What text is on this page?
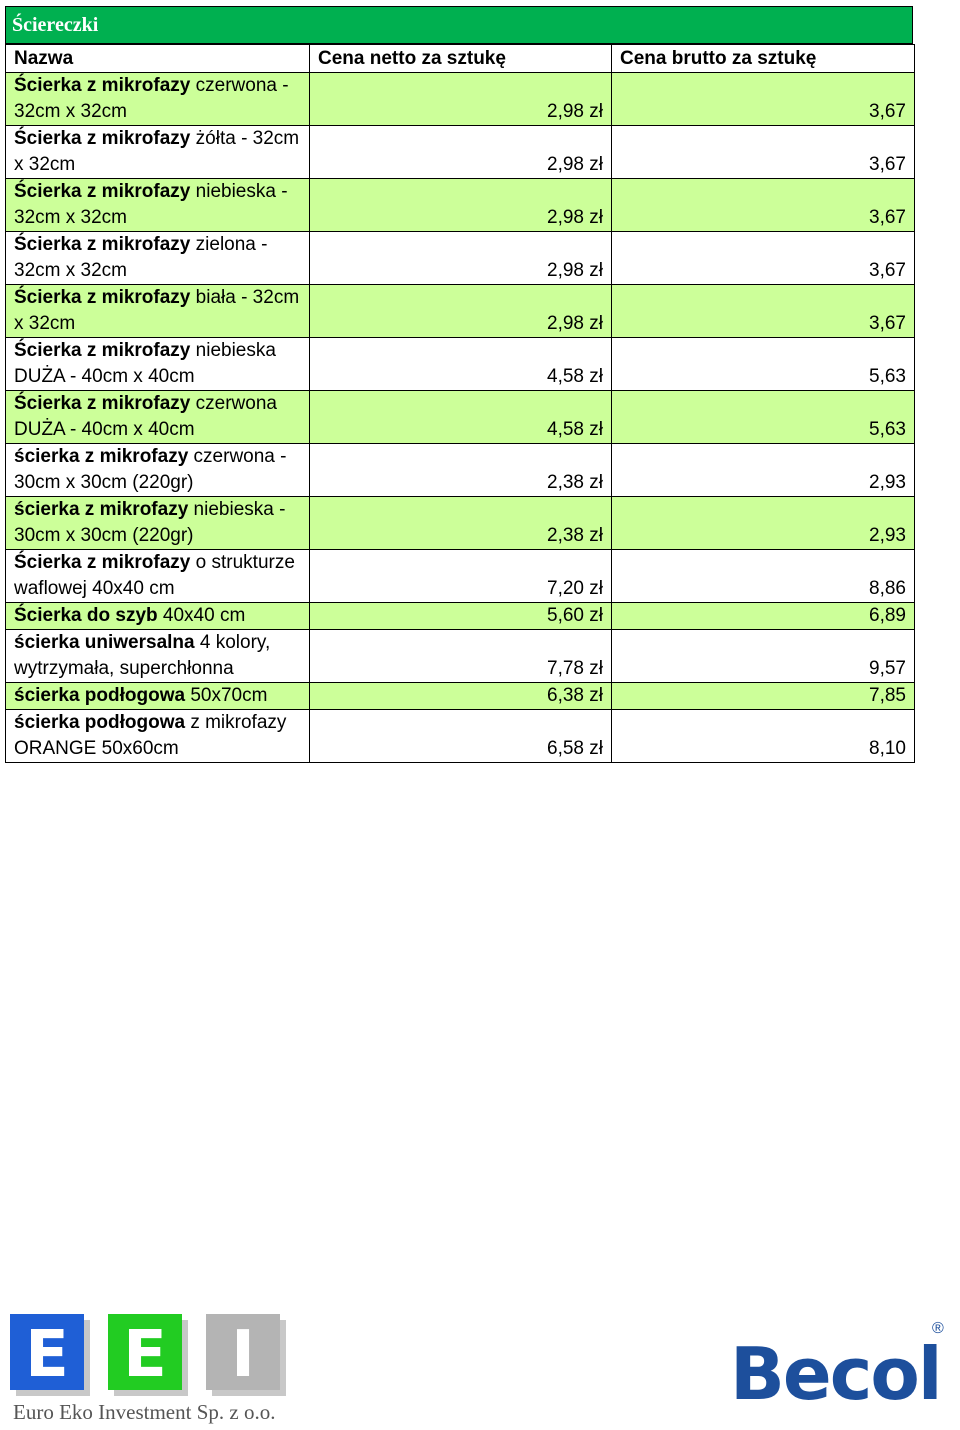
Ściereczki
Nazwa	Cena netto za sztukę	Cena brutto za sztukę
Ścierka z mikrofazy czerwona - 32cm x 32cm	2,98 zł	3,67
Ścierka z mikrofazy żółta - 32cm x 32cm	2,98 zł	3,67
Ścierka z mikrofazy niebieska - 32cm x 32cm	2,98 zł	3,67
Ścierka z mikrofazy zielona - 32cm x 32cm	2,98 zł	3,67
Ścierka z mikrofazy biała - 32cm x 32cm	2,98 zł	3,67
Ścierka z mikrofazy niebieska DUŻA - 40cm x 40cm	4,58 zł	5,63
Ścierka z mikrofazy czerwona DUŻA - 40cm x 40cm	4,58 zł	5,63
ścierka z mikrofazy czerwona - 30cm x 30cm (220gr)	2,38 zł	2,93
ścierka z mikrofazy niebieska - 30cm x 30cm (220gr)	2,38 zł	2,93
Ścierka z mikrofazy o strukturze waflowej 40x40 cm	7,20 zł	8,86
Ścierka do szyb 40x40 cm	5,60 zł	6,89
ścierka uniwersalna 4 kolory, wytrzymała, superchłonna	7,78 zł	9,57
ścierka podłogowa 50x70cm	6,38 zł	7,85
ścierka podłogowa z mikrofazy ORANGE 50x60cm	6,58 zł	8,10
E E	I
Euro Eko Investment Sp. z o.o.	Becol
®
